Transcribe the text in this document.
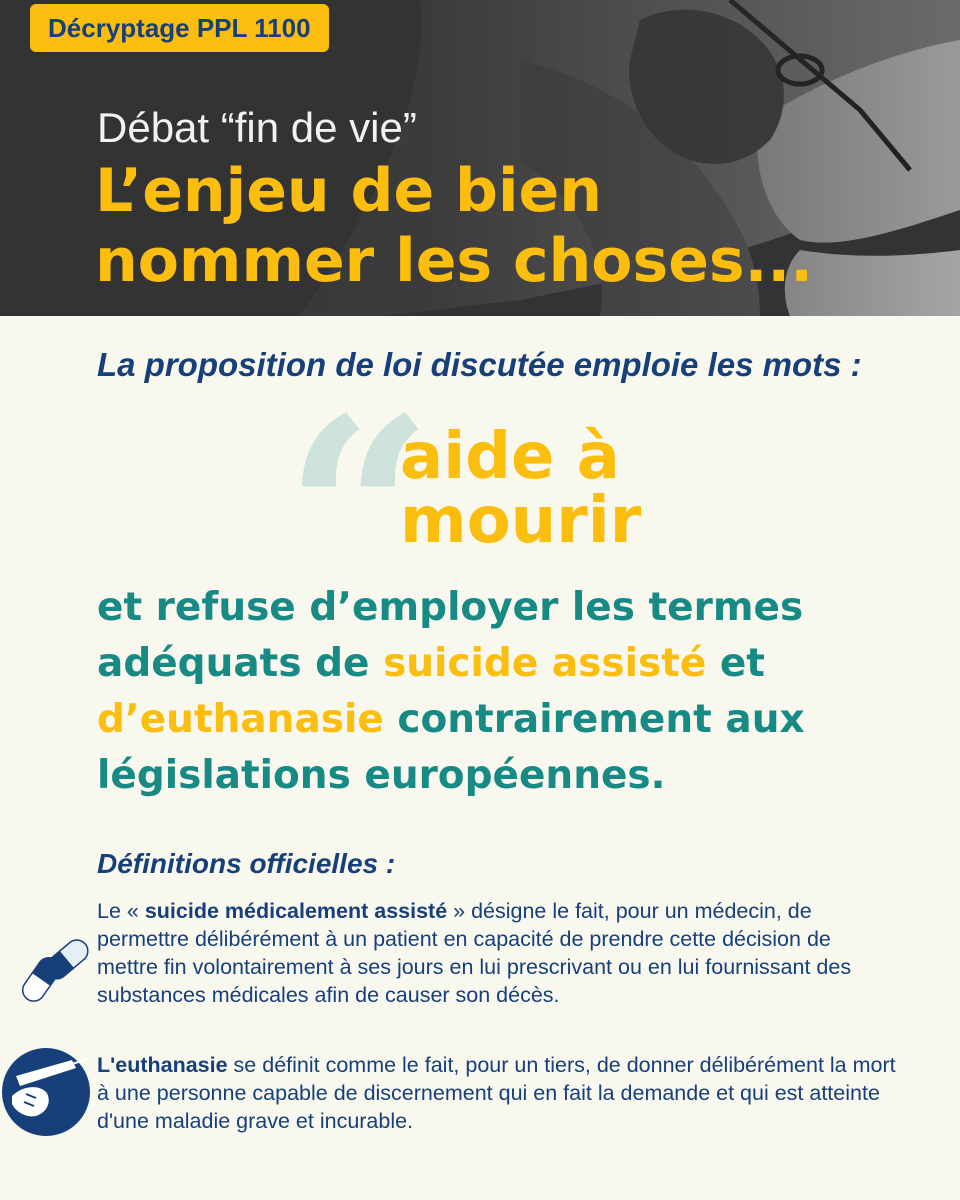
Décryptage PPL 1100
Débat “fin de vie”
L’enjeu de bien nommer les choses...
La proposition de loi discutée emploie les mots :
“
aide à
mourir
et refuse d’employer les termes adéquats de suicide assisté et d’euthanasie contrairement aux législations européennes.
Définitions officielles :
Le « suicide médicalement assisté » désigne le fait, pour un médecin, de permettre délibérément à un patient en capacité de prendre cette décision de mettre fin volontairement à ses jours en lui prescrivant ou en lui fournissant des substances médicales afin de causer son décès.
L'euthanasie se définit comme le fait, pour un tiers, de donner délibérément la mort à une personne capable de discernement qui en fait la demande et qui est atteinte d'une maladie grave et incurable.
